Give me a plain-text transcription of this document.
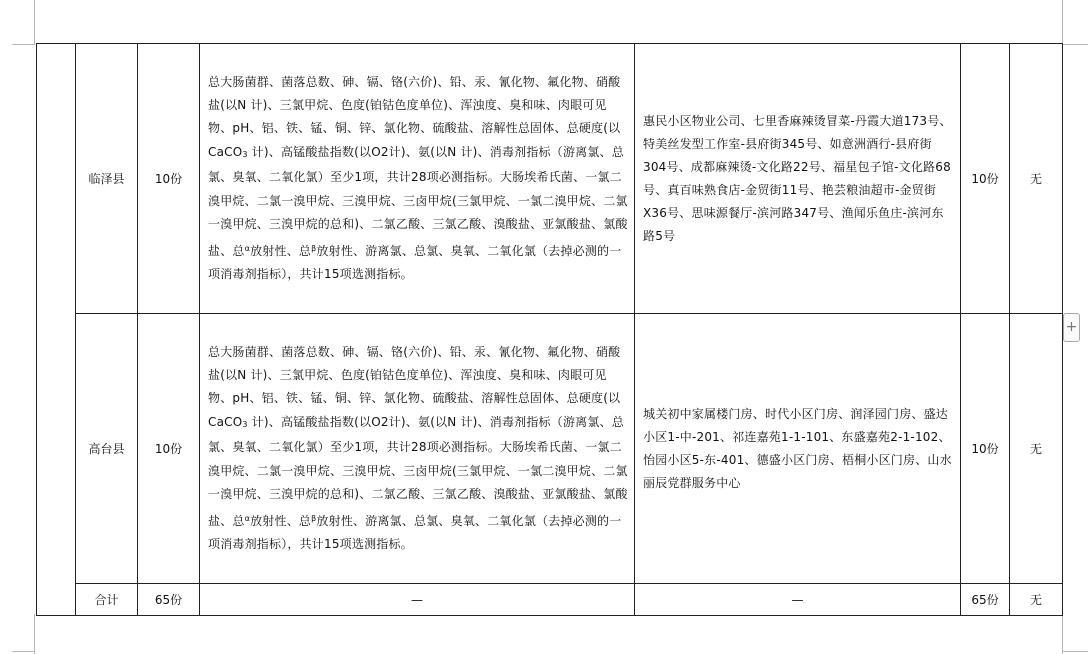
	临泽县	10份	总大肠菌群、菌落总数、砷、镉、铬(六价)、铅、汞、氰化物、氟化物、硝酸盐(以N 计)、三氯甲烷、色度(铂钴色度单位)、浑浊度、臭和味、肉眼可见物、pH、铝、铁、锰、铜、锌、氯化物、硫酸盐、溶解性总固体、总硬度(以CaCO3 计)、高锰酸盐指数(以O2计)、氨(以N 计)、消毒剂指标（游离氯、总氯、臭氧、二氧化氯）至少1项，共计28项必测指标。大肠埃希氏菌、一氯二溴甲烷、二氯一溴甲烷、三溴甲烷、三卤甲烷(三氯甲烷、一氯二溴甲烷、二氯一溴甲烷、三溴甲烷的总和)、二氯乙酸、三氯乙酸、溴酸盐、亚氯酸盐、氯酸盐、总$^\alpha$放射性、总$^\beta$放射性、游离氯、总氯、臭氧、二氧化氯（去掉必测的一项消毒剂指标），共计15项选测指标。	惠民小区物业公司、七里香麻辣烫冒菜-丹霞大道173号、特美丝发型工作室-县府街345号、如意洲酒行-县府街304号、成都麻辣烫-文化路22号、福星包子馆-文化路68号、真百味熟食店-金贸街11号、艳芸粮油超市-金贸街X36号、思味源餐厅-滨河路347号、渔闻乐鱼庄-滨河东路5号	10份	无
	高台县	10份	总大肠菌群、菌落总数、砷、镉、铬(六价)、铅、汞、氰化物、氟化物、硝酸盐(以N 计)、三氯甲烷、色度(铂钴色度单位)、浑浊度、臭和味、肉眼可见物、pH、铝、铁、锰、铜、锌、氯化物、硫酸盐、溶解性总固体、总硬度(以CaCO3 计)、高锰酸盐指数(以O2计)、氨(以N 计)、消毒剂指标（游离氯、总氯、臭氧、二氧化氯）至少1项，共计28项必测指标。大肠埃希氏菌、一氯二溴甲烷、二氯一溴甲烷、三溴甲烷、三卤甲烷(三氯甲烷、一氯二溴甲烷、二氯一溴甲烷、三溴甲烷的总和)、二氯乙酸、三氯乙酸、溴酸盐、亚氯酸盐、氯酸盐、总$^\alpha$放射性、总$^\beta$放射性、游离氯、总氯、臭氧、二氧化氯（去掉必测的一项消毒剂指标），共计15项选测指标。	城关初中家属楼门房、时代小区门房、润泽园门房、盛达小区1-中-201、祁连嘉苑1-1-101、东盛嘉苑2-1-102、怡园小区5-东-401、德盛小区门房、梧桐小区门房、山水丽辰党群服务中心	10份	无
	合计	65份	—	—	65份	无
+
